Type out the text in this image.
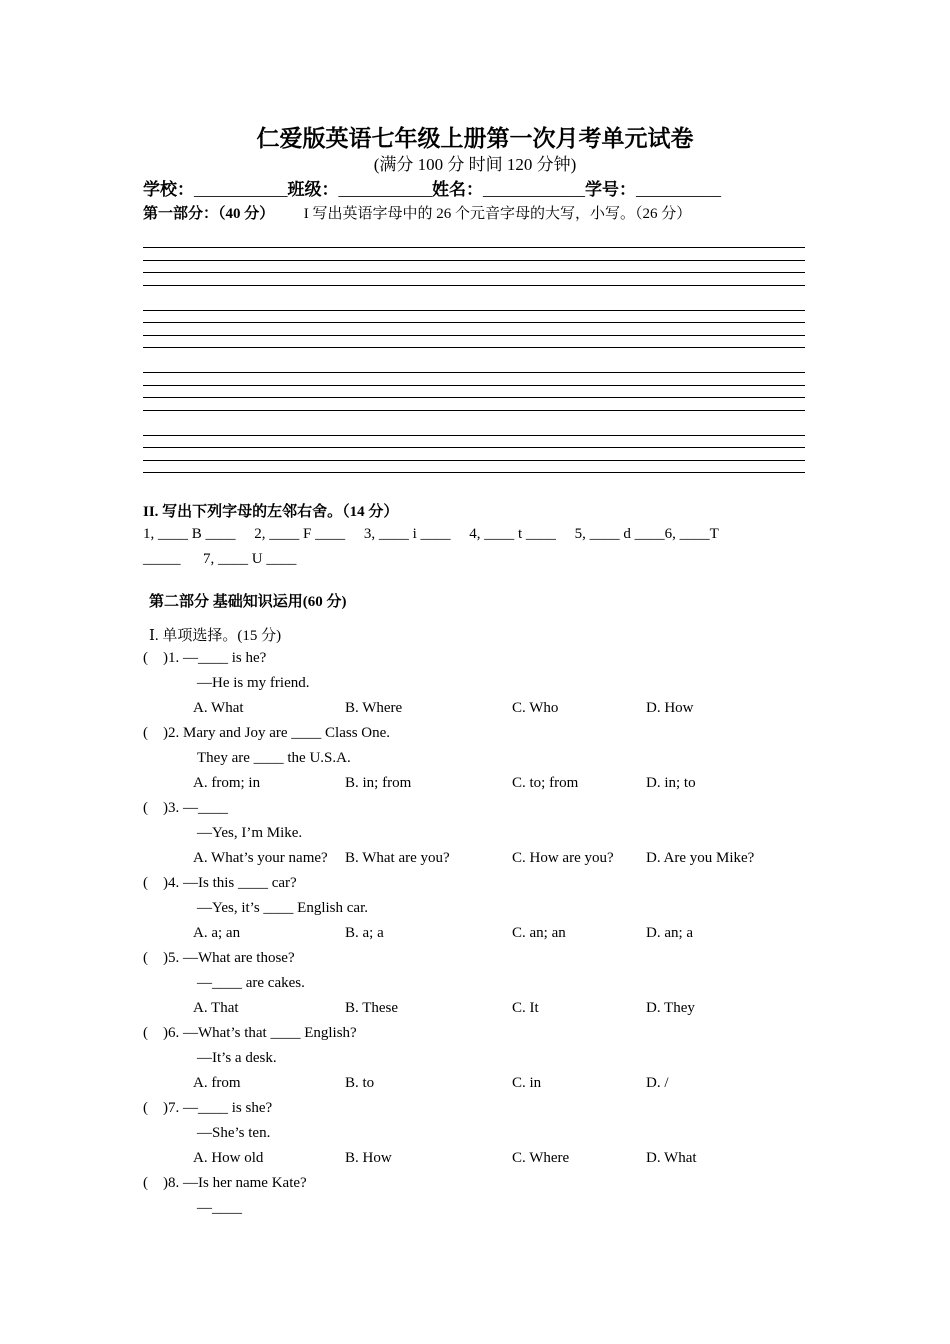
仁爱版英语七年级上册第一次月考单元试卷
(满分 100 分 时间 120 分钟)
学校：___________班级：___________姓名：____________学号：__________
第一部分：（40 分） I 写出英语字母中的 26 个元音字母的大写，小写。（26 分）
II. 写出下列字母的左邻右舍。（14 分）
1, ____ B ____     2, ____ F ____     3, ____ i ____     4, ____ t ____     5, ____ d ____6, ____T
_____      7, ____ U ____
第二部分 基础知识运用(60 分)
Ⅰ. 单项选择。(15 分)
(    )1. —____ is he?
—He is my friend.
A. What	B. Where	C. Who	D. How
(    )2. Mary and Joy are ____ Class One.
They are ____ the U.S.A.
A. from; in	B. in; from	C. to; from	D. in; to
(    )3. —____
—Yes, I’m Mike.
A. What’s your name? B. What are you?	C. How are you? D. Are you Mike?
(    )4. —Is this ____ car?
—Yes, it’s ____ English car.
A. a; an	B. a; a	C. an; an	D. an; a
(    )5. —What are those?
—____ are cakes.
A. That	B. These	C. It	D. They
(    )6. —What’s that ____ English?
—It’s a desk.
A. from	B. to	C. in	D. /
(    )7. —____ is she?
—She’s ten.
A. How old	B. How	C. Where	D. What
(    )8. —Is her name Kate?
—____
